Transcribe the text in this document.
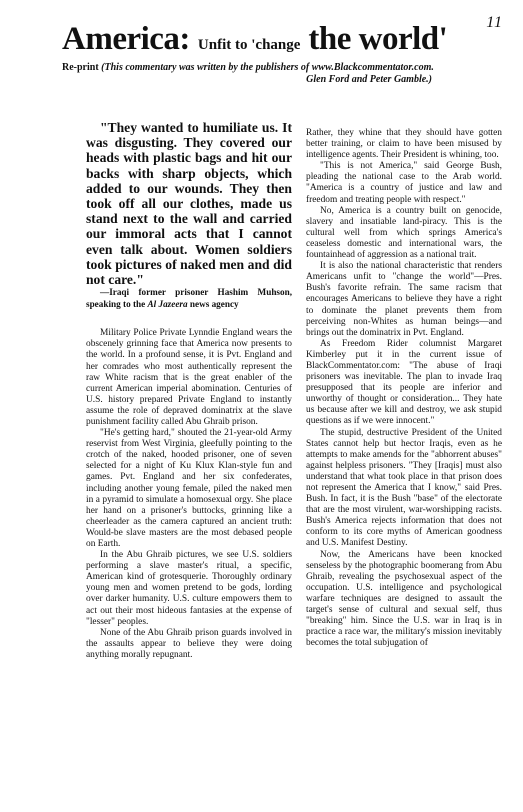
11
America: Unfit to 'change the world'
Re-print (This commentary was written by the publishers of www.Blackcommentator.com.
Glen Ford and Peter Gamble.)

"They wanted to humiliate us. It was disgusting. They covered our heads with plastic bags and hit our backs with sharp objects, which added to our wounds. They then took off all our clothes, made us stand next to the wall and carried our immoral acts that I cannot even talk about. Women soldiers took pictures of naked men and did not care."

—Iraqi former prisoner Hashim Muhson, speaking to the Al Jazeera news agency

Military Police Private Lynndie England wears the obscenely grinning face that America now presents to the world. In a profound sense, it is Pvt. England and her comrades who most authentically represent the raw White racism that is the great enabler of the current American imperial abomination. Centuries of U.S. history prepared Private England to instantly assume the role of depraved dominatrix at the slave punishment facility called Abu Ghraib prison.

"He's getting hard," shouted the 21-year-old Army reservist from West Virginia, gleefully pointing to the crotch of the naked, hooded prisoner, one of seven selected for a night of Ku Klux Klan-style fun and games. Pvt. England and her six confederates, including another young female, piled the naked men in a pyramid to simulate a homosexual orgy. She place her hand on a prisoner's buttocks, grinning like a cheerleader as the camera captured an ancient truth: Would-be slave masters are the most debased people on Earth.

In the Abu Ghraib pictures, we see U.S. soldiers performing a slave master's ritual, a specific, American kind of grotesquerie. Thoroughly ordinary young men and women pretend to be gods, lording over darker humanity. U.S. culture empowers them to act out their most hideous fantasies at the expense of "lesser" peoples.

None of the Abu Ghraib prison guards involved in the assaults appear to believe they were doing anything morally repugnant.

Rather, they whine that they should have gotten better training, or claim to have been misused by intelligence agents. Their President is whining, too.

"This is not America," said George Bush, pleading the national case to the Arab world. "America is a country of justice and law and freedom and treating people with respect."

No, America is a country built on genocide, slavery and insatiable land-piracy. This is the cultural well from which springs America's ceaseless domestic and international wars, the fountainhead of aggression as a national trait.

It is also the national characteristic that renders Americans unfit to "change the world"—Pres. Bush's favorite refrain. The same racism that encourages Americans to believe they have a right to dominate the planet prevents them from perceiving non-Whites as human beings—and brings out the dominatrix in Pvt. England.

As Freedom Rider columnist Margaret Kimberley put it in the current issue of BlackCommentator.com: "The abuse of Iraqi prisoners was inevitable. The plan to invade Iraq presupposed that its people are inferior and unworthy of thought or consideration... They hate us because after we kill and destroy, we ask stupid questions as if we were innocent."

The stupid, destructive President of the United States cannot help but hector Iraqis, even as he attempts to make amends for the "abhorrent abuses" against helpless prisoners. "They [Iraqis] must also understand that what took place in that prison does not represent the America that I know," said Pres. Bush. In fact, it is the Bush "base" of the electorate that are the most virulent, war-worshipping racists. Bush's America rejects information that does not conform to its core myths of American goodness and U.S. Manifest Destiny.

Now, the Americans have been knocked senseless by the photographic boomerang from Abu Ghraib, revealing the psychosexual aspect of the occupation. U.S. intelligence and psychological warfare techniques are designed to assault the target's sense of cultural and sexual self, thus "breaking" him. Since the U.S. war in Iraq is in practice a race war, the military's mission inevitably becomes the total subjugation of
